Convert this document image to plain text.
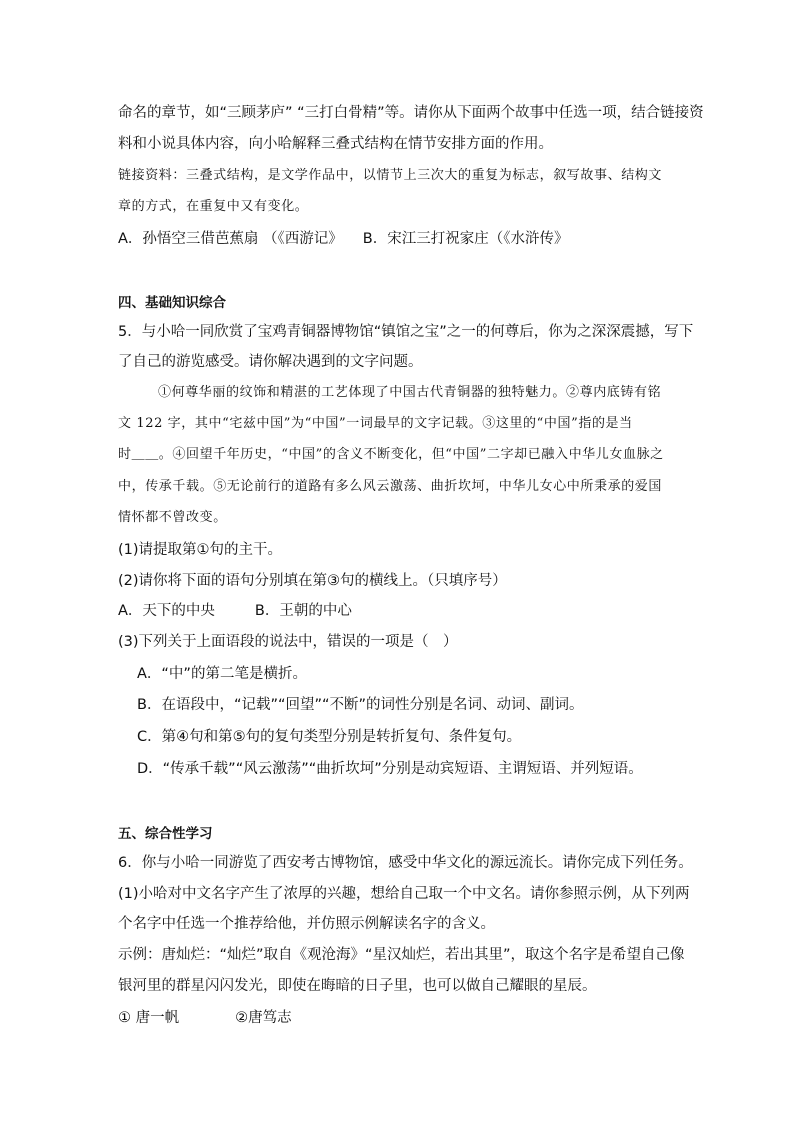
命名的章节，如“三顾茅庐” “三打白骨精”等。请你从下面两个故事中任选一项，结合链接资
料和小说具体内容，向小哈解释三叠式结构在情节安排方面的作用。
链接资料：三叠式结构，是文学作品中，以情节上三次大的重复为标志，叙写故事、结构文
章的方式，在重复中又有变化。
A．孙悟空三借芭蕉扇 （《西游记》 B．宋江三打祝家庄（《水浒传》
四、基础知识综合
5．与小哈一同欣赏了宝鸡青铜器博物馆“镇馆之宝”之一的何尊后，你为之深深震撼，写下
了自己的游览感受。请你解决遇到的文字问题。
①何尊华丽的纹饰和精湛的工艺体现了中国古代青铜器的独特魅力。②尊内底铸有铭
文 122 字，其中“宅兹中国”为“中国”一词最早的文字记载。③这里的“中国”指的是当
时＿＿。④回望千年历史，“中国”的含义不断变化，但“中国”二字却已融入中华儿女血脉之
中，传承千载。⑤无论前行的道路有多么风云激荡、曲折坎坷，中华儿女心中所秉承的爱国
情怀都不曾改变。
(1)请提取第①句的主干。
(2)请你将下面的语句分别填在第③句的横线上。（只填序号）
A．天下的中央	B．王朝的中心
(3)下列关于上面语段的说法中，错误的一项是（　）
A．“中”的第二笔是横折。
B．在语段中，“记载”“回望”“不断”的词性分别是名词、动词、副词。
C．第④句和第⑤句的复句类型分别是转折复句、条件复句。
D．“传承千载”“风云激荡”“曲折坎坷”分别是动宾短语、主谓短语、并列短语。
五、综合性学习
6．你与小哈一同游览了西安考古博物馆，感受中华文化的源远流长。请你完成下列任务。
(1)小哈对中文名字产生了浓厚的兴趣，想给自己取一个中文名。请你参照示例，从下列两
个名字中任选一个推荐给他，并仿照示例解读名字的含义。
示例：唐灿烂：“灿烂”取自《观沧海》“星汉灿烂，若出其里”，取这个名字是希望自己像
银河里的群星闪闪发光，即使在晦暗的日子里，也可以做自己耀眼的星辰。
① 唐一帆	②唐笃志
